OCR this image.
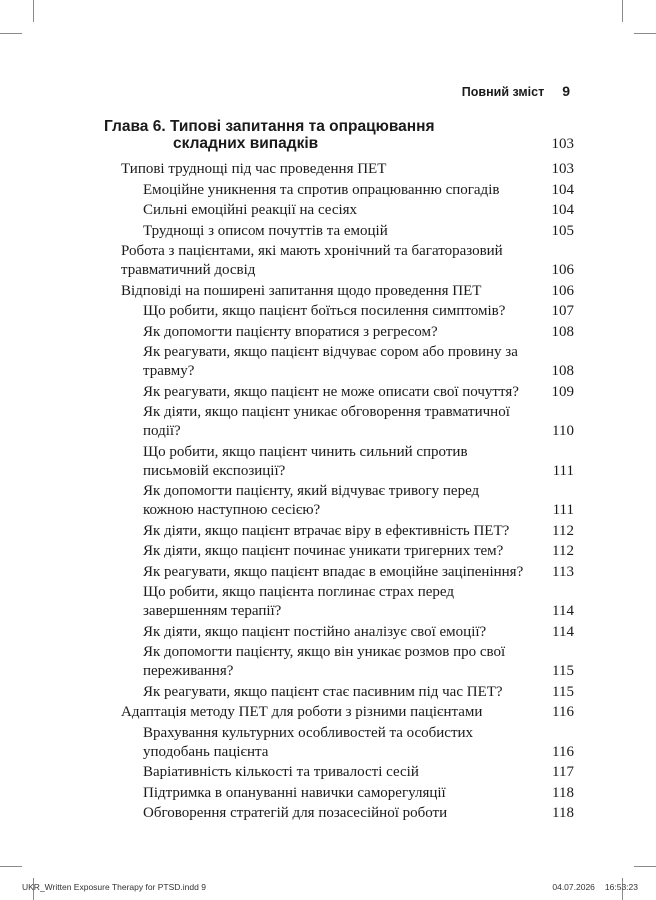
Повний зміст 9
Глава 6. Типові запитання та опрацювання
складних випадків	103
Типові труднощі під час проведення ПЕТ	103
Емоційне уникнення та спротив опрацюванню спогадів	104
Сильні емоційні реакції на сесіях	104
Труднощі з описом почуттів та емоцій	105
Робота з пацієнтами, які мають хронічний та багаторазовий травматичний досвід	106
Відповіді на поширені запитання щодо проведення ПЕТ	106
Що робити, якщо пацієнт боїться посилення симптомів?	107
Як допомогти пацієнту впоратися з регресом?	108
Як реагувати, якщо пацієнт відчуває сором або провину за травму?	108
Як реагувати, якщо пацієнт не може описати свої почуття?	109
Як діяти, якщо пацієнт уникає обговорення травматичної події?	110
Що робити, якщо пацієнт чинить сильний спротив письмовій експозиції?	111
Як допомогти пацієнту, який відчуває тривогу перед кожною наступною сесією?	111
Як діяти, якщо пацієнт втрачає віру в ефективність ПЕТ?	112
Як діяти, якщо пацієнт починає уникати тригерних тем?	112
Як реагувати, якщо пацієнт впадає в емоційне заціпеніння?	113
Що робити, якщо пацієнта поглинає страх перед завершенням терапії?	114
Як діяти, якщо пацієнт постійно аналізує свої емоції?	114
Як допомогти пацієнту, якщо він уникає розмов про свої переживання?	115
Як реагувати, якщо пацієнт стає пасивним під час ПЕТ?	115
Адаптація методу ПЕТ для роботи з різними пацієнтами	116
Врахування культурних особливостей та особистих уподобань пацієнта	116
Варіативність кількості та тривалості сесій	117
Підтримка в опануванні навички саморегуляції	118
Обговорення стратегій для позасесійної роботи	118
UKR_Written Exposure Therapy for PTSD.indd 9	04.07.2026 16:53:23
